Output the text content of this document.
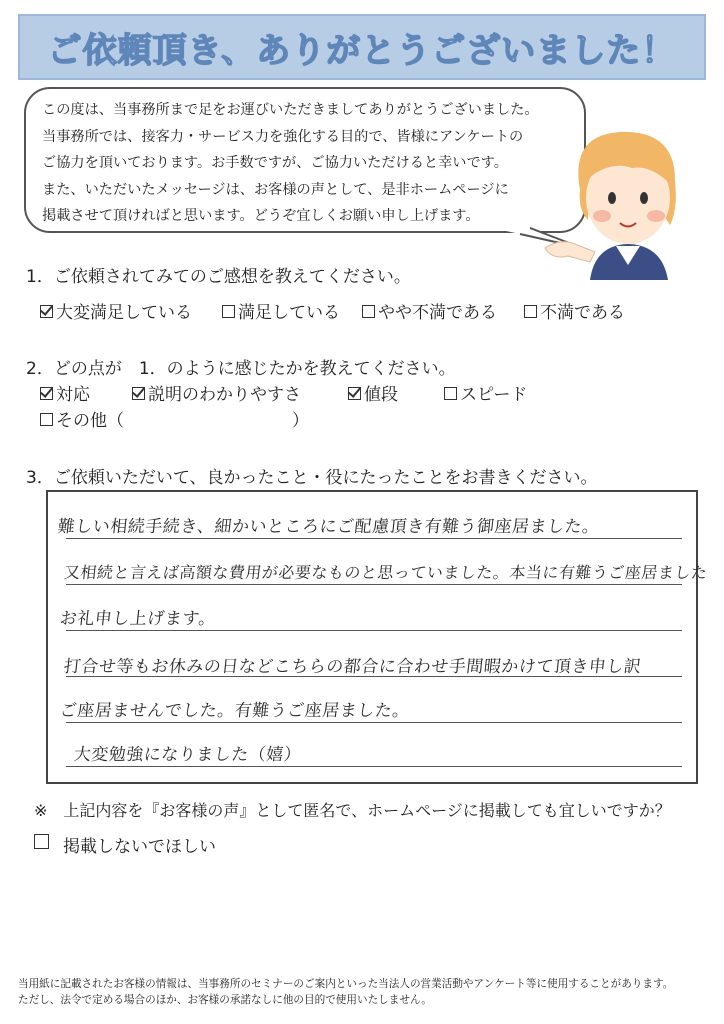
ご依頼頂き、ありがとうございました！
この度は、当事務所まで足をお運びいただきましてありがとうございました。
当事務所では、接客力・サービス力を強化する目的で、皆様にアンケートの
ご協力を頂いております。お手数ですが、ご協力いただけると幸いです。
また、いただいたメッセージは、お客様の声として、是非ホームページに
掲載させて頂ければと思います。どうぞ宜しくお願い申し上げます。
1．ご依頼されてみてのご感想を教えてください。
大変満足している	満足している やや不満である	不満である
2．どの点が　1．のように感じたかを教えてください。
対応	説明のわかりやすさ	値段	スピード
その他（	）
3．ご依頼いただいて、良かったこと・役にたったことをお書きください。
難しい相続手続き、細かいところにご配慮頂き有難う御座居ました。
又相続と言えば高額な費用が必要なものと思っていました。本当に有難うご座居ました
お礼申し上げます。
打合せ等もお休みの日などこちらの都合に合わせ手間暇かけて頂き申し訳
ご座居ませんでした。有難うご座居ました。
大変勉強になりました（嬉）
※　上記内容を『お客様の声』として匿名で、ホームページに掲載しても宜しいですか？
掲載しないでほしい
当用紙に記載されたお客様の情報は、当事務所のセミナーのご案内といった当法人の営業活動やアンケート等に使用することがあります。
ただし、法令で定める場合のほか、お客様の承諾なしに他の目的で使用いたしません。
